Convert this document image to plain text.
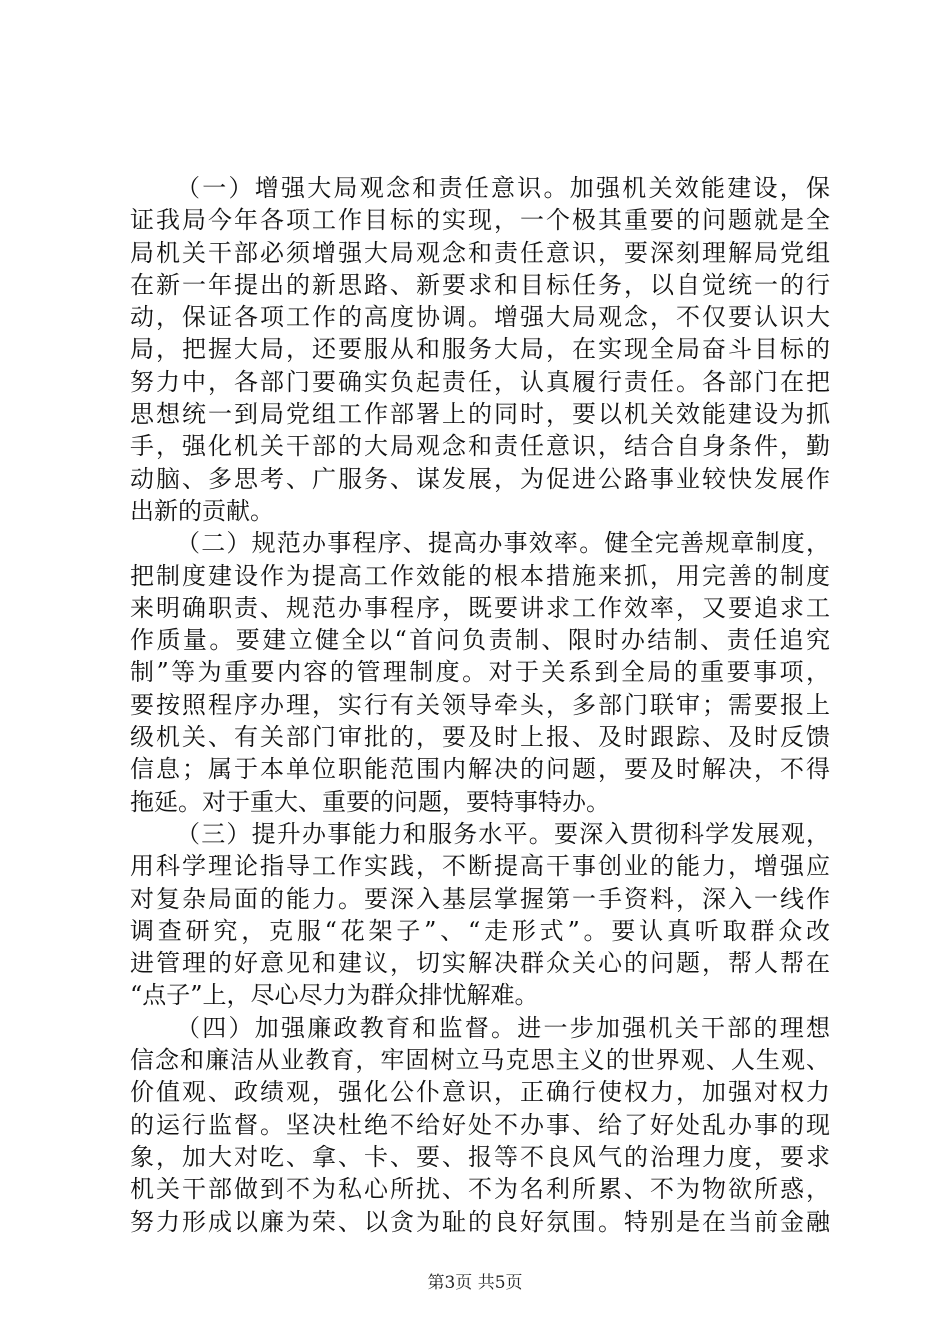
（一）增强大局观念和责任意识。加强机关效能建设，保
证我局今年各项工作目标的实现，一个极其重要的问题就是全
局机关干部必须增强大局观念和责任意识，要深刻理解局党组
在新一年提出的新思路、新要求和目标任务，以自觉统一的行
动，保证各项工作的高度协调。增强大局观念，不仅要认识大
局，把握大局，还要服从和服务大局，在实现全局奋斗目标的
努力中，各部门要确实负起责任，认真履行责任。各部门在把
思想统一到局党组工作部署上的同时，要以机关效能建设为抓
手，强化机关干部的大局观念和责任意识，结合自身条件，勤
动脑、多思考、广服务、谋发展，为促进公路事业较快发展作
出新的贡献。
（二）规范办事程序、提高办事效率。健全完善规章制度，
把制度建设作为提高工作效能的根本措施来抓，用完善的制度
来明确职责、规范办事程序，既要讲求工作效率，又要追求工
作质量。要建立健全以“首问负责制、限时办结制、责任追究
制”等为重要内容的管理制度。对于关系到全局的重要事项，
要按照程序办理，实行有关领导牵头，多部门联审；需要报上
级机关、有关部门审批的，要及时上报、及时跟踪、及时反馈
信息；属于本单位职能范围内解决的问题，要及时解决，不得
拖延。对于重大、重要的问题，要特事特办。
（三）提升办事能力和服务水平。要深入贯彻科学发展观，
用科学理论指导工作实践，不断提高干事创业的能力，增强应
对复杂局面的能力。要深入基层掌握第一手资料，深入一线作
调查研究，克服“花架子”、“走形式”。要认真听取群众改
进管理的好意见和建议，切实解决群众关心的问题，帮人帮在
“点子”上，尽心尽力为群众排忧解难。
（四）加强廉政教育和监督。进一步加强机关干部的理想
信念和廉洁从业教育，牢固树立马克思主义的世界观、人生观、
价值观、政绩观，强化公仆意识，正确行使权力，加强对权力
的运行监督。坚决杜绝不给好处不办事、给了好处乱办事的现
象，加大对吃、拿、卡、要、报等不良风气的治理力度，要求
机关干部做到不为私心所扰、不为名利所累、不为物欲所惑，
努力形成以廉为荣、以贪为耻的良好氛围。特别是在当前金融
第3页 共5页
